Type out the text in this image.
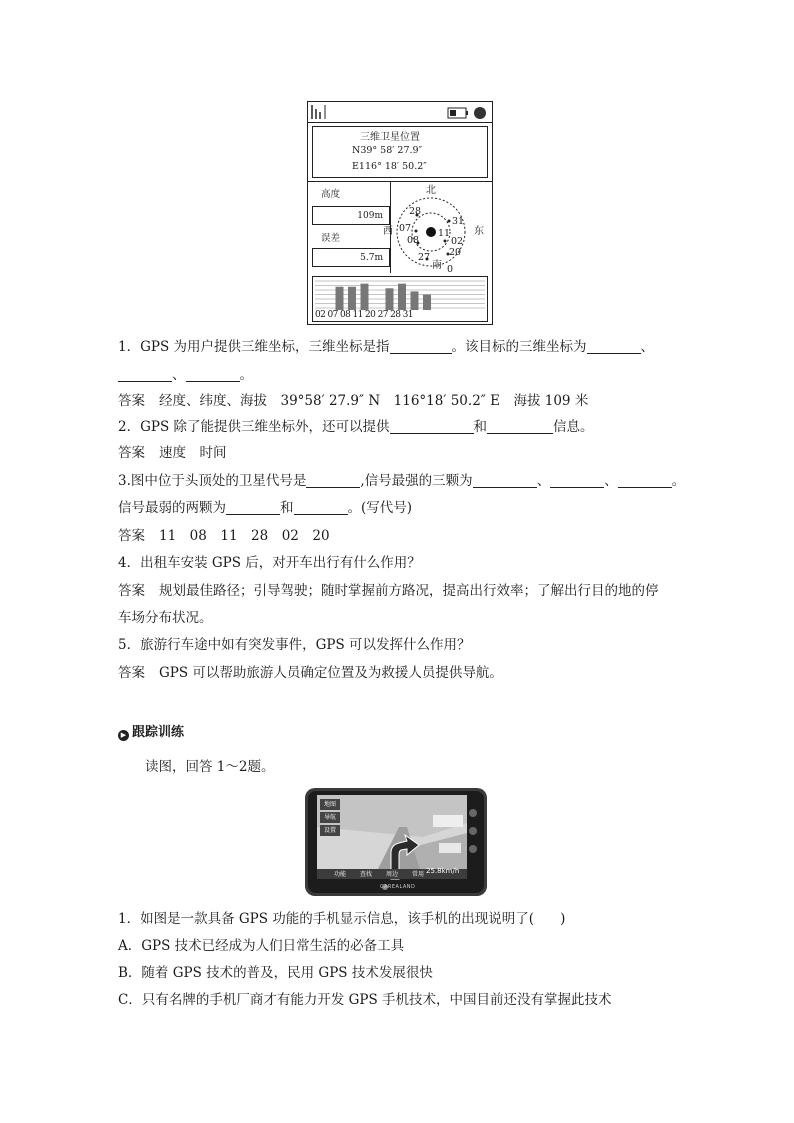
三维卫星位置
N39° 58′ 27.9″
E116° 18′ 50.2″
高度
109m
误差
5.7m
北
西	东
南
28
31
07	11
08	02
20
27
0
02 07 08 11 20 27 28 31
1．GPS 为用户提供三维坐标，三维坐标是指	。该目标的三维坐标为	、
、	。
答案 经度、纬度、海拔　39°58′ 27.9″ N　116°18′ 50.2″ E　海拔 109 米
2．GPS 除了能提供三维坐标外，还可以提供	和	信息。
答案 速度　时间
3.图中位于头顶处的卫星代号是	,信号最强的三颗为	、	、	。
信号最弱的两颗为	和	。(写代号)
答案 11　08　11　28　02　20
4．出租车安装 GPS 后，对开车出行有什么作用？
答案 规划最佳路径；引导驾驶；随时掌握前方路况，提高出行效率；了解出行目的地的停
车场分布状况。
5．旅游行车途中如有突发事件，GPS 可以发挥什么作用？
答案 GPS 可以帮助旅游人员确定位置及为救援人员提供导航。
▶ 跟踪训练
读图，回答 1～2题。
地图
导航
设置
功能 查找 周边 常用 25.8km/h
CAREALAND
1．如图是一款具备 GPS 功能的手机显示信息，该手机的出现说明了( )
A．GPS 技术已经成为人们日常生活的必备工具
B．随着 GPS 技术的普及，民用 GPS 技术发展很快
C．只有名牌的手机厂商才有能力开发 GPS 手机技术，中国目前还没有掌握此技术
